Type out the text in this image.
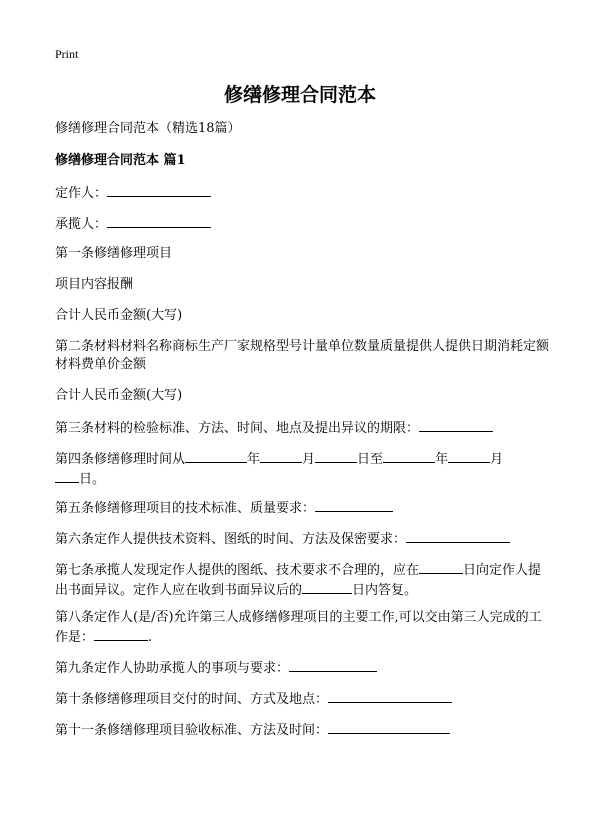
Print
修缮修理合同范本
修缮修理合同范本（精选18篇）
修缮修理合同范本 篇1
定作人：
承揽人：
第一条修缮修理项目
项目内容报酬
合计人民币金额(大写)
第二条材料材料名称商标生产厂家规格型号计量单位数量质量提供人提供日期消耗定额材料费单价金额
合计人民币金额(大写)
第三条材料的检验标准、方法、时间、地点及提出异议的期限：
第四条修缮修理时间从	年	月	日至	年	月
日。
第五条修缮修理项目的技术标准、质量要求：
第六条定作人提供技术资料、图纸的时间、方法及保密要求：
第七条承揽人发现定作人提供的图纸、技术要求不合理的，应在	日向定作人提出书面异议。定作人应在收到书面异议后的	日内答复。
第八条定作人(是/否)允许第三人成修缮修理项目的主要工作,可以交由第三人完成的工作是：	.
第九条定作人协助承揽人的事项与要求：
第十条修缮修理项目交付的时间、方式及地点：
第十一条修缮修理项目验收标准、方法及时间：
